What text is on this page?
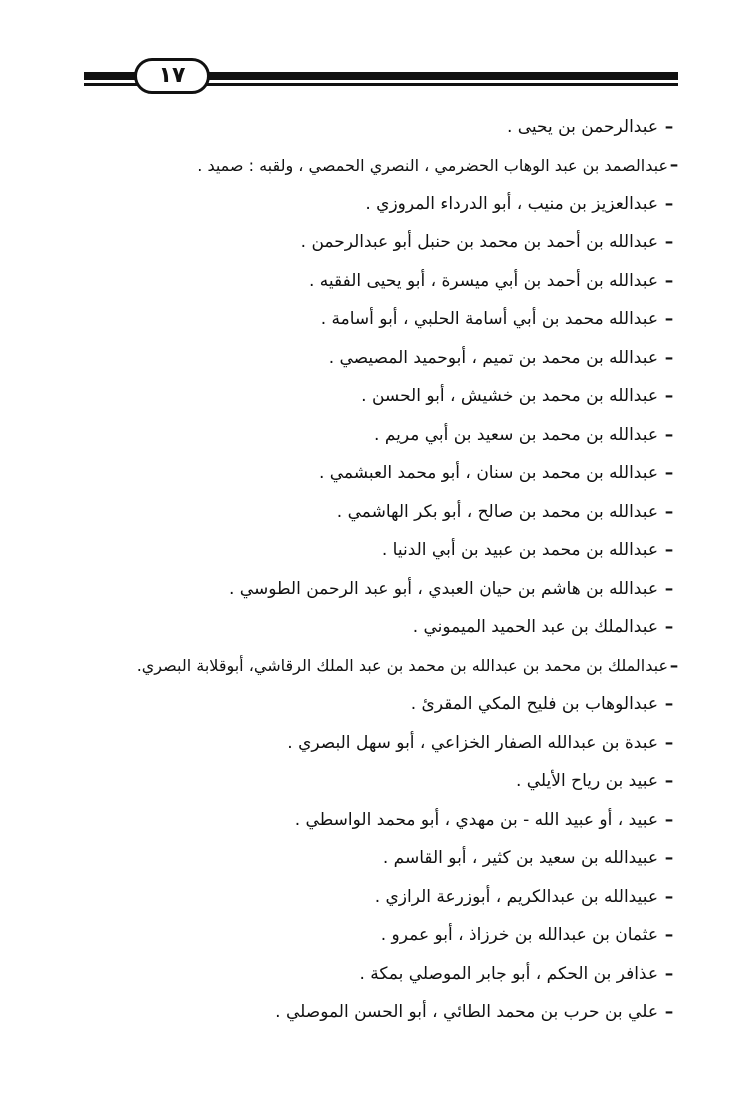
١٧
–
عبدالرحمن بن يحيى .
–
عبدالصمد بن عبد الوهاب الحضرمي ، النصري الحمصي ، ولقبه : صميد .
–
عبدالعزيز بن منيب ، أبو الدرداء المروزي .
–
عبدالله بن أحمد بن محمد بن حنبل أبو عبدالرحمن .
–
عبدالله بن أحمد بن أبي ميسرة ، أبو يحيى الفقيه .
–
عبدالله محمد بن أبي أسامة الحلبي ، أبو أسامة .
–
عبدالله بن محمد بن تميم ، أبوحميد المصيصي .
–
عبدالله بن محمد بن خشيش ، أبو الحسن .
–
عبدالله بن محمد بن سعيد بن أبي مريم .
–
عبدالله بن محمد بن سنان ، أبو محمد العبشمي .
–
عبدالله بن محمد بن صالح ، أبو بكر الهاشمي .
–
عبدالله بن محمد بن عبيد بن أبي الدنيا .
–
عبدالله بن هاشم بن حيان العبدي ، أبو عبد الرحمن الطوسي .
–
عبدالملك بن عبد الحميد الميموني .
–
عبدالملك بن محمد بن عبدالله بن محمد بن عبد الملك الرقاشي، أبوقلابة البصري.
–
عبدالوهاب بن فليح المكي المقرئ .
–
عبدة بن عبدالله الصفار الخزاعي ، أبو سهل البصري .
–
عبيد بن رياح الأيلي .
–
عبيد ، أو عبيد الله - بن مهدي ، أبو محمد الواسطي .
–
عبيدالله بن سعيد بن كثير ، أبو القاسم .
–
عبيدالله بن عبدالكريم ، أبوزرعة الرازي .
–
عثمان بن عبدالله بن خرزاذ ، أبو عمرو .
–
عذافر بن الحكم ، أبو جابر الموصلي بمكة .
–
علي بن حرب بن محمد الطائي ، أبو الحسن الموصلي .
